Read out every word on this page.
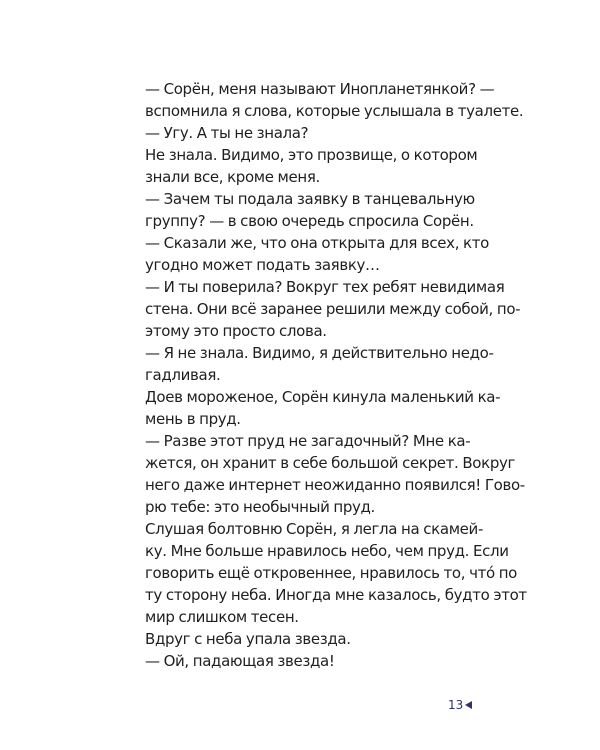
— Сорён, меня называют Инопланетянкой? —
вспомнила я слова, которые услышала в туалете.
— Угу. А ты не знала?
Не знала. Видимо, это прозвище, о котором
знали все, кроме меня.
— Зачем ты подала заявку в танцевальную
группу? — в свою очередь спросила Сорён.
— Сказали же, что она открыта для всех, кто
угодно может подать заявку…
— И ты поверила? Вокруг тех ребят невидимая
стена. Они всё заранее решили между собой, по-
этому это просто слова.
— Я не знала. Видимо, я действительно недо-
гадливая.
Доев мороженое, Сорён кинула маленький ка-
мень в пруд.
— Разве этот пруд не загадочный? Мне ка-
жется, он хранит в себе большой секрет. Вокруг
него даже интернет неожиданно появился! Гово-
рю тебе: это необычный пруд.
Слушая болтовню Сорён, я легла на скамей-
ку. Мне больше нравилось небо, чем пруд. Если
говорить ещё откровеннее, нравилось то, чтó по
ту сторону неба. Иногда мне казалось, будто этот
мир слишком тесен.
Вдруг с неба упала звезда.
— Ой, падающая звезда!
13
